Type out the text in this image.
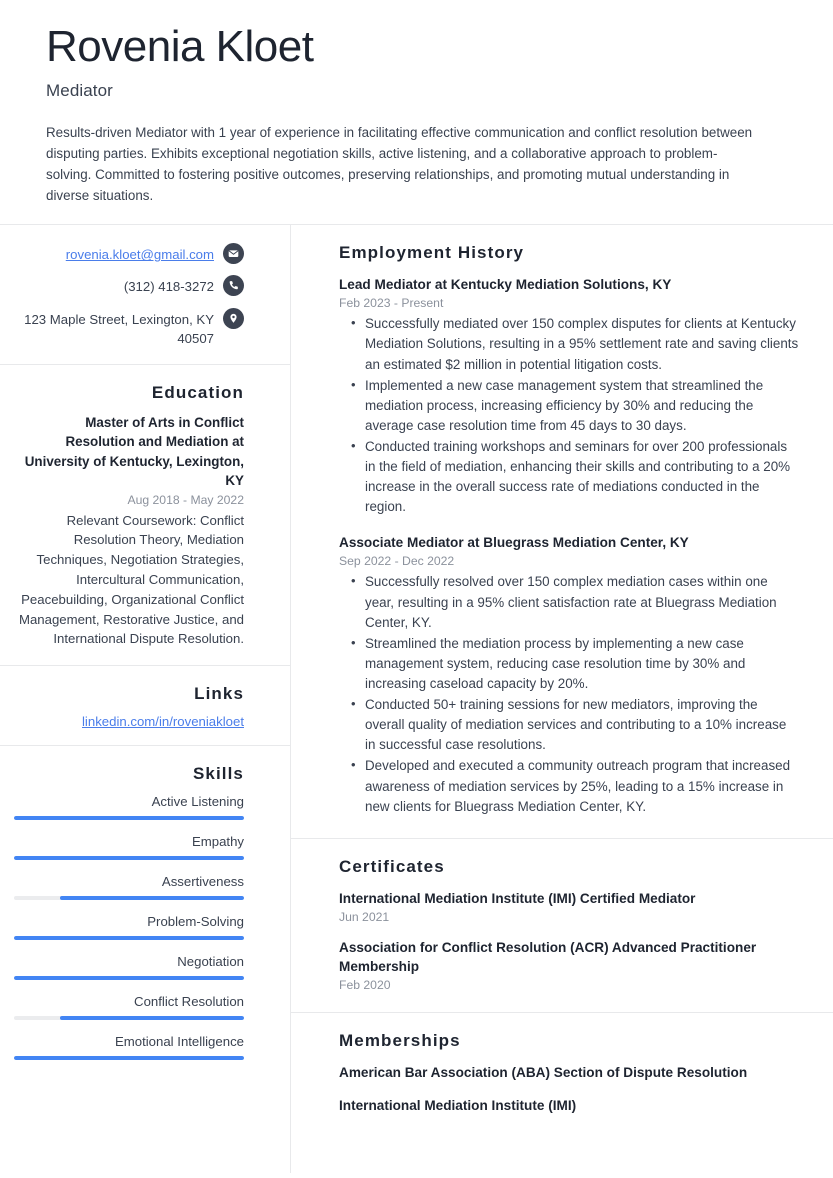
Rovenia Kloet
Mediator

Results-driven Mediator with 1 year of experience in facilitating effective communication and conflict resolution between disputing parties. Exhibits exceptional negotiation skills, active listening, and a collaborative approach to problem-solving. Committed to fostering positive outcomes, preserving relationships, and promoting mutual understanding in diverse situations.

rovenia.kloet@gmail.com
(312) 418-3272
123 Maple Street, Lexington, KY 40507
Education
Master of Arts in Conflict Resolution and Mediation at University of Kentucky, Lexington, KY
Aug 2018 - May 2022
Relevant Coursework: Conflict Resolution Theory, Mediation Techniques, Negotiation Strategies, Intercultural Communication, Peacebuilding, Organizational Conflict Management, Restorative Justice, and International Dispute Resolution.
Links
linkedin.com/in/roveniakloet
Skills
Active Listening
Empathy
Assertiveness
Problem-Solving
Negotiation
Conflict Resolution
Emotional Intelligence
Employment History
Lead Mediator at Kentucky Mediation Solutions, KY
Feb 2023 - Present
• Successfully mediated over 150 complex disputes for clients at Kentucky Mediation Solutions, resulting in a 95% settlement rate and saving clients an estimated $2 million in potential litigation costs.
• Implemented a new case management system that streamlined the mediation process, increasing efficiency by 30% and reducing the average case resolution time from 45 days to 30 days.
• Conducted training workshops and seminars for over 200 professionals in the field of mediation, enhancing their skills and contributing to a 20% increase in the overall success rate of mediations conducted in the region.
Associate Mediator at Bluegrass Mediation Center, KY
Sep 2022 - Dec 2022
• Successfully resolved over 150 complex mediation cases within one year, resulting in a 95% client satisfaction rate at Bluegrass Mediation Center, KY.
• Streamlined the mediation process by implementing a new case management system, reducing case resolution time by 30% and increasing caseload capacity by 20%.
• Conducted 50+ training sessions for new mediators, improving the overall quality of mediation services and contributing to a 10% increase in successful case resolutions.
• Developed and executed a community outreach program that increased awareness of mediation services by 25%, leading to a 15% increase in new clients for Bluegrass Mediation Center, KY.
Certificates
International Mediation Institute (IMI) Certified Mediator
Jun 2021
Association for Conflict Resolution (ACR) Advanced Practitioner Membership
Feb 2020
Memberships
American Bar Association (ABA) Section of Dispute Resolution
International Mediation Institute (IMI)
